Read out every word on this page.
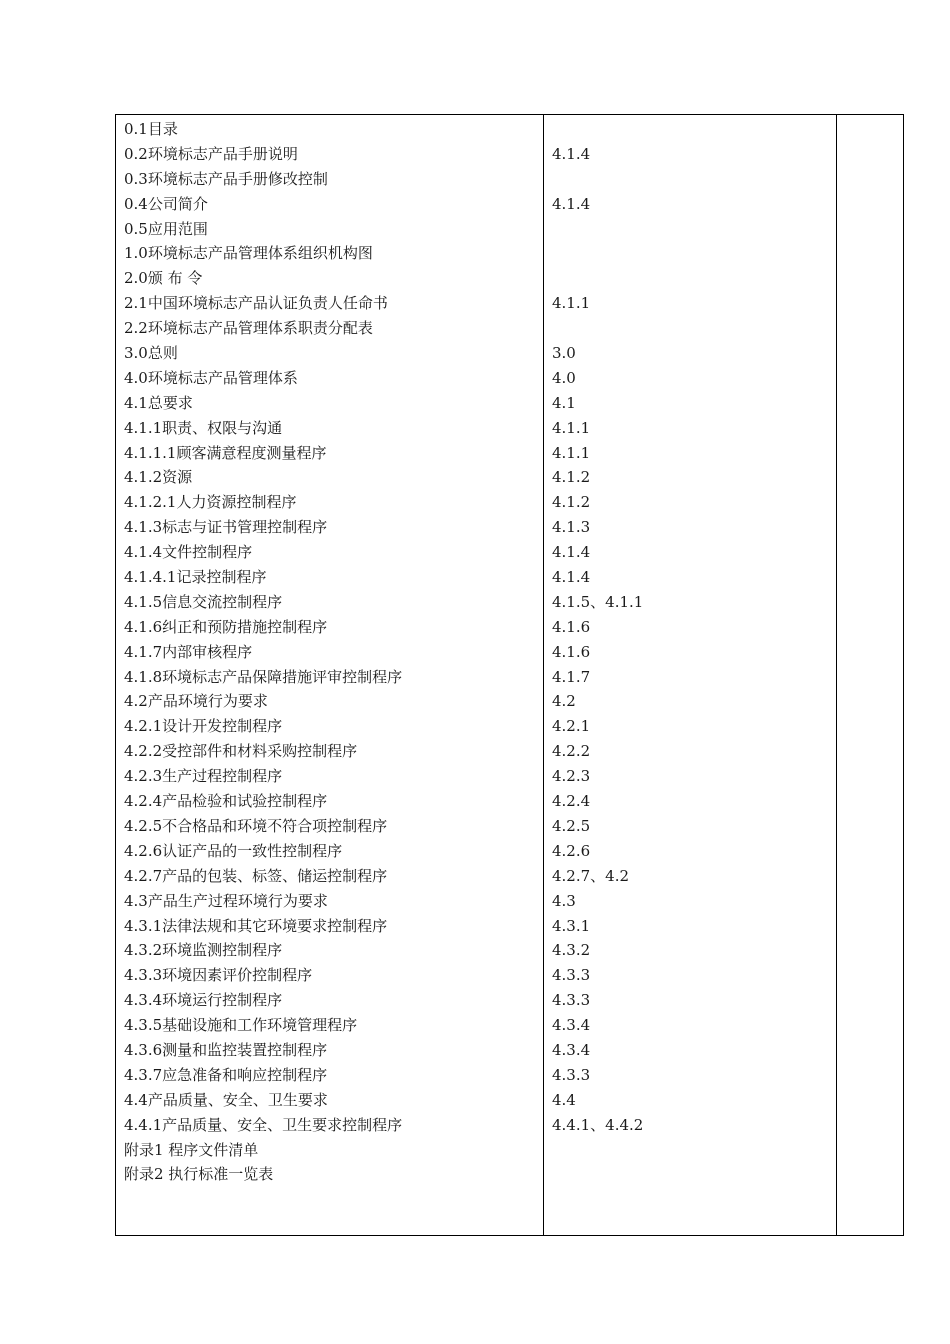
0.1目录
0.2环境标志产品手册说明	4.1.4
0.3环境标志产品手册修改控制
0.4公司简介	4.1.4
0.5应用范围
1.0环境标志产品管理体系组织机构图
2.0颁 布 令
2.1中国环境标志产品认证负责人任命书	4.1.1
2.2环境标志产品管理体系职责分配表
3.0总则	3.0
4.0环境标志产品管理体系	4.0
4.1总要求	4.1
4.1.1职责、权限与沟通	4.1.1
4.1.1.1顾客满意程度测量程序	4.1.1
4.1.2资源	4.1.2
4.1.2.1人力资源控制程序	4.1.2
4.1.3标志与证书管理控制程序	4.1.3
4.1.4文件控制程序	4.1.4
4.1.4.1记录控制程序	4.1.4
4.1.5信息交流控制程序	4.1.5、4.1.1
4.1.6纠正和预防措施控制程序	4.1.6
4.1.7内部审核程序	4.1.6
4.1.8环境标志产品保障措施评审控制程序	4.1.7
4.2产品环境行为要求	4.2
4.2.1设计开发控制程序	4.2.1
4.2.2受控部件和材料采购控制程序	4.2.2
4.2.3生产过程控制程序	4.2.3
4.2.4产品检验和试验控制程序	4.2.4
4.2.5不合格品和环境不符合项控制程序	4.2.5
4.2.6认证产品的一致性控制程序	4.2.6
4.2.7产品的包装、标签、储运控制程序	4.2.7、4.2
4.3产品生产过程环境行为要求	4.3
4.3.1法律法规和其它环境要求控制程序	4.3.1
4.3.2环境监测控制程序	4.3.2
4.3.3环境因素评价控制程序	4.3.3
4.3.4环境运行控制程序	4.3.3
4.3.5基础设施和工作环境管理程序	4.3.4
4.3.6测量和监控装置控制程序	4.3.4
4.3.7应急准备和响应控制程序	4.3.3
4.4产品质量、安全、卫生要求	4.4
4.4.1产品质量、安全、卫生要求控制程序	4.4.1、4.4.2
附录1 程序文件清单
附录2 执行标准一览表
